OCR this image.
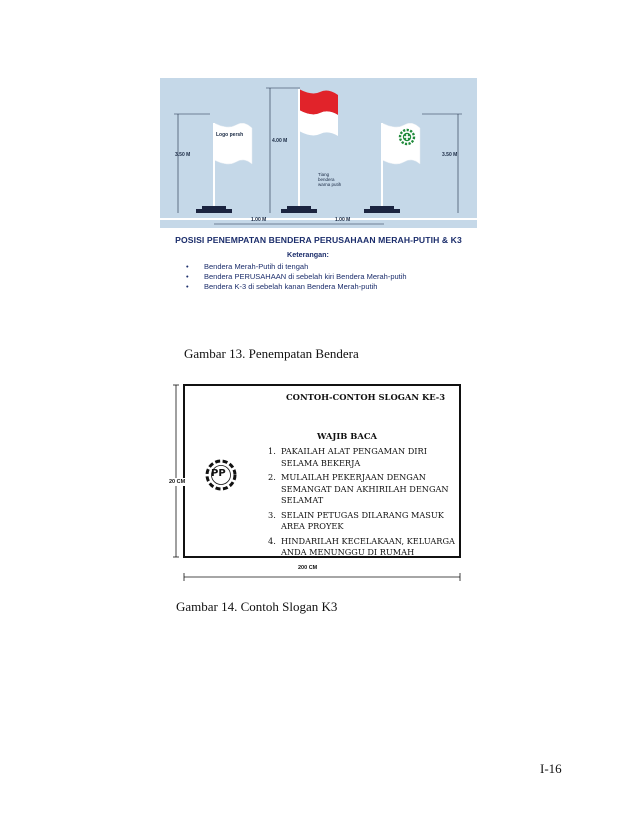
Logo persh
3.50 M
4.00 M
3.50 M
Tiang
bendera
warna putih
1.00 M	1.00 M
POSISI PENEMPATAN BENDERA PERUSAHAAN MERAH-PUTIH & K3
Keterangan:
• Bendera Merah-Putih di tengah
• Bendera PERUSAHAAN di sebelah kiri Bendera Merah-putih
• Bendera K-3 di sebelah kanan Bendera Merah-putih
Gambar 13. Penempatan Bendera
PP
CONTOH-CONTOH SLOGAN KE-3
WAJIB BACA
1. PAKAILAH ALAT PENGAMAN DIRI SELAMA BEKERJA
2. MULAILAH PEKERJAAN DENGAN SEMANGAT DAN AKHIRILAH DENGAN SELAMAT
3. SELAIN PETUGAS DILARANG MASUK AREA PROYEK
4. HINDARILAH KECELAKAAN, KELUARGA ANDA MENUNGGU DI RUMAH
20 CM
200 CM
Gambar 14. Contoh Slogan K3
I-16
